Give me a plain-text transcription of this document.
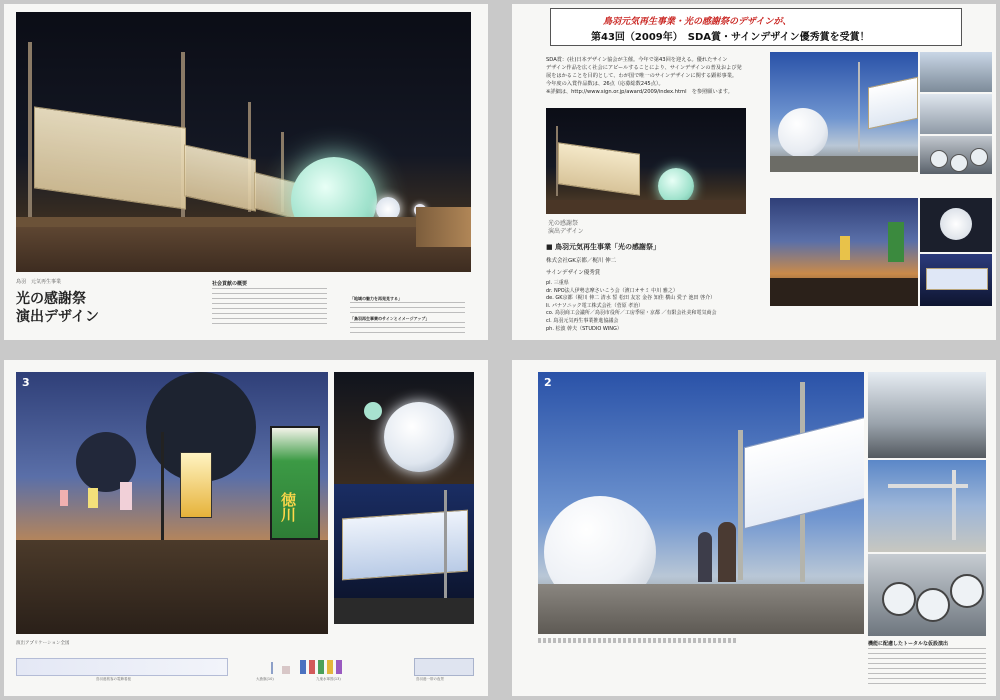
鳥羽　元気再生事業
光の感謝祭
演出デザイン
社会貢献の概要
「地域の魅力を再発見する」
「鳥羽再生事業のサインとイメージアップ」
鳥羽元気再生事業・光の感謝祭のデザインが、
第43回（2009年）　SDA賞・サインデザイン優秀賞を受賞！
SDA賞：(社)日本デザイン協会が主催。今年で第43回を迎える。優れたサイン
デザイン作品を広く社会にアピールすることにより、サインデザインの普及および発
展をはかることを目的として、わが国で唯一のサインデザインに関する顕彰事業。
今年度の入賞作品数は、26点（応募総数245点）。
※詳細は、http://www.sign.or.jp/award/2009/index.html　を参照願います。
光の感謝祭
演出デザイン
■ 鳥羽元気再生事業「光の感謝祭」
株式会社GK京都／梶川 伸二
サインデザイン優秀賞
pl. 三重県
dr. NPO法人伊勢志摩さいこう会（濱口オサミ 中川 雅之）
de. GK京都（梶川 伸二 清水 誓 松田 友宏 金谷 知佳 横山 愛子 池田 啓介）
li. パナソニック電工株式会社（菅原 孝治）
co. 鳥羽商工会議所／鳥羽市役所／工房季屋・京都 ／有限会社美和電気商会
cl. 鳥羽元気再生事業推進協議会
ph. 松波 幹夫（STUDIO WING）
3
徳川
演出アプリケーション全図
鳥羽港旅客の電飾看板	大漁旗(10)	九鬼水軍図(13)	鳥羽港一帯の夜景
2
機能に配慮したトータルな仮設演出
